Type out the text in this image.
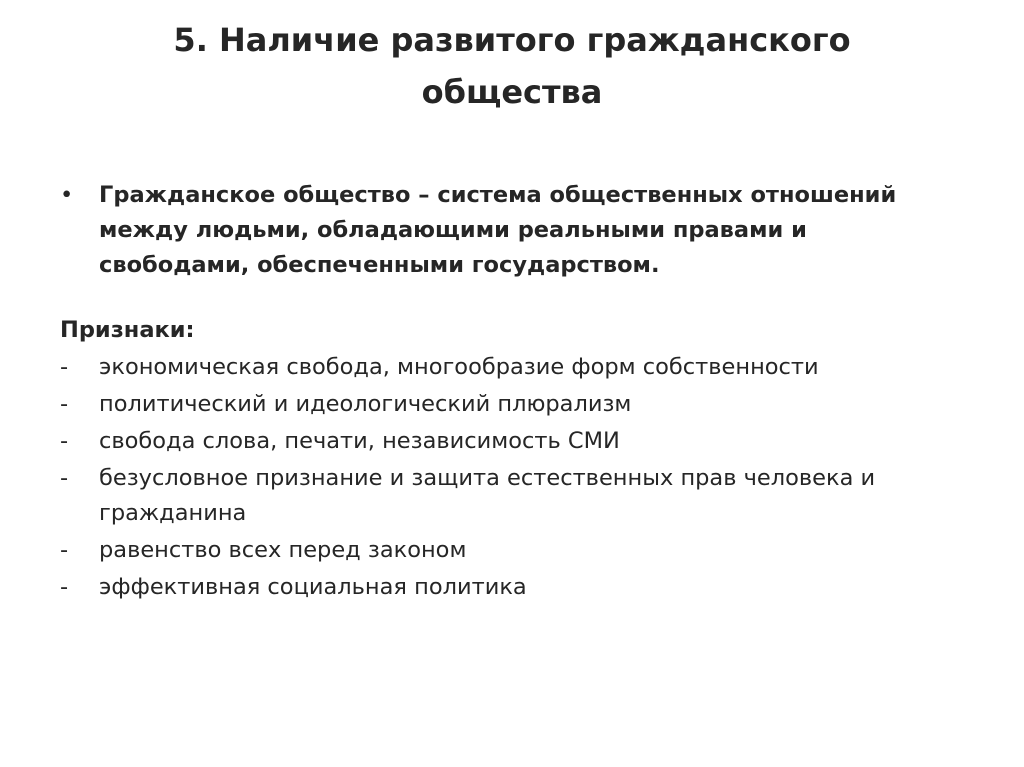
5. Наличие развитого гражданского
общества
•	Гражданское общество – система общественных отношений
между людьми, обладающими реальными правами и
свободами, обеспеченными государством.
Признаки:
- экономическая свобода, многообразие форм собственности
- политический и идеологический плюрализм
- свобода слова, печати, независимость СМИ
- безусловное признание и защита естественных прав человека и гражданина
- равенство всех перед законом
- эффективная социальная политика
